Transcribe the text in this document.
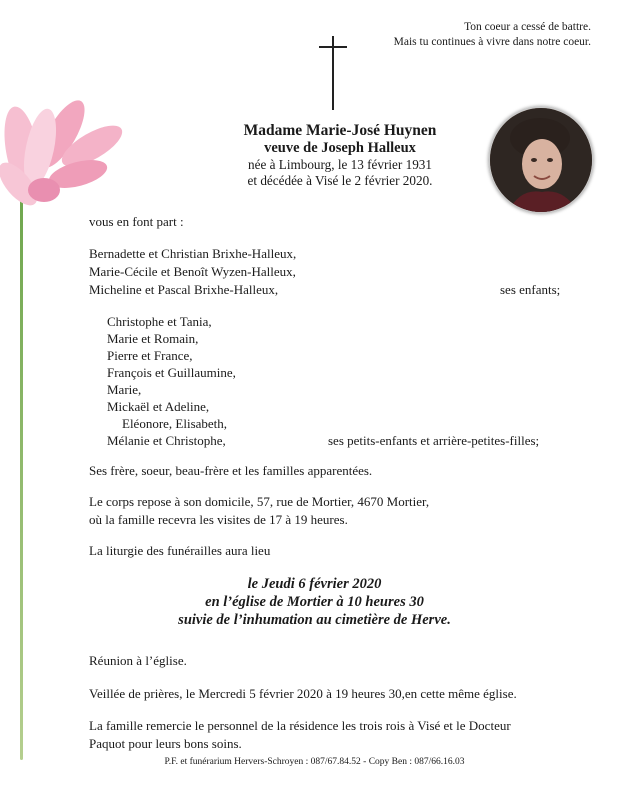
Ton coeur a cessé de battre.
Mais tu continues à vivre dans notre coeur.
Madame Marie-José Huynen
veuve de Joseph Halleux
née à Limbourg, le 13 février 1931
et décédée à Visé le 2 février 2020.
vous en font part :
Bernadette et Christian Brixhe-Halleux,
Marie-Cécile et Benoît Wyzen-Halleux,
Micheline et Pascal Brixhe-Halleux,	ses enfants;
Christophe et Tania,
Marie et Romain,
Pierre et France,
François et Guillaumine,
Marie,
Mickaël et Adeline,
Eléonore, Elisabeth,
Mélanie et Christophe,	ses petits-enfants et arrière-petites-filles;
Ses frère, soeur, beau-frère et les familles apparentées.
Le corps repose à son domicile, 57, rue de Mortier, 4670 Mortier,
où la famille recevra les visites de 17 à 19 heures.
La liturgie des funérailles aura lieu
le Jeudi 6 février 2020
en l’église de Mortier à 10 heures 30
suivie de l’inhumation au cimetière de Herve.
Réunion à l’église.
Veillée de prières, le Mercredi 5 février 2020 à 19 heures 30,en cette même église.
La famille remercie le personnel de la résidence les trois rois à Visé et le Docteur
Paquot pour leurs bons soins.
P.F. et funérarium Hervers-Schroyen : 087/67.84.52 - Copy Ben : 087/66.16.03
